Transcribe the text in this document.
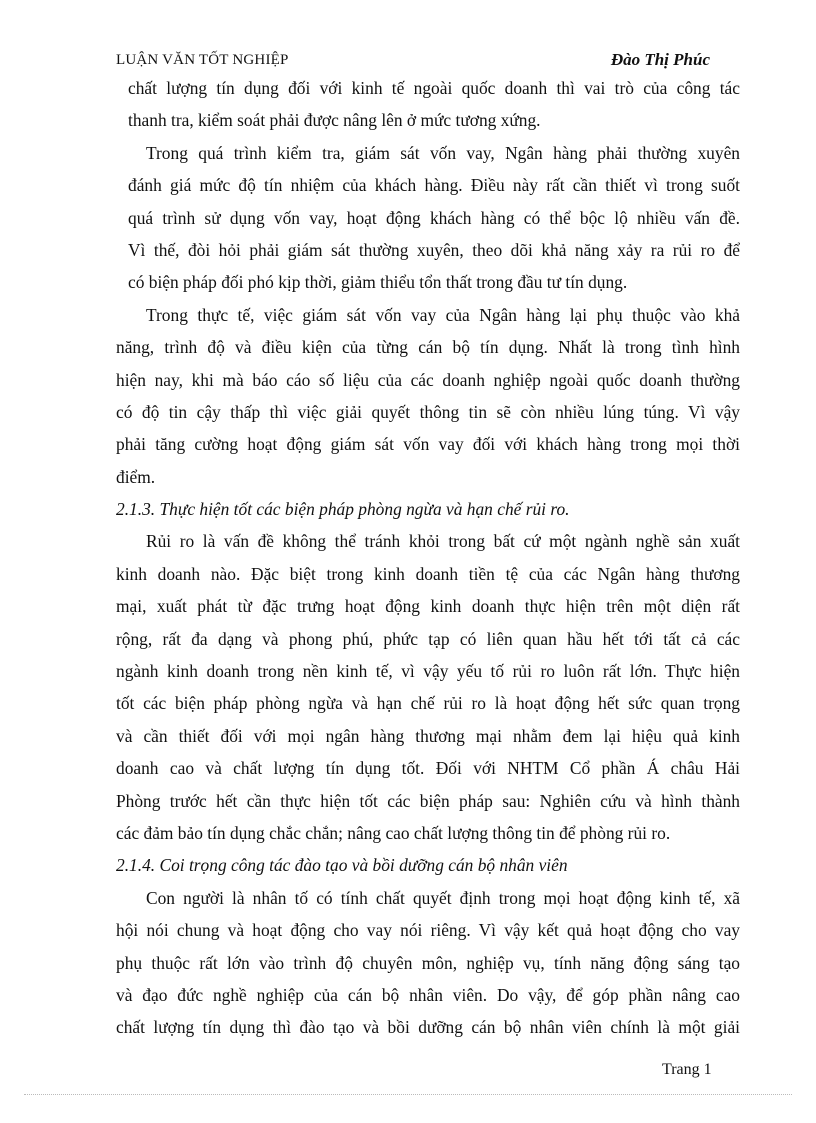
LUẬN VĂN TỐT NGHIỆP	Đào Thị Phúc
chất lượng tín dụng đối với kinh tế ngoài quốc doanh thì vai trò của công tác
thanh tra, kiểm soát phải được nâng lên ở mức tương xứng.
Trong quá trình kiểm tra, giám sát vốn vay, Ngân hàng phải thường xuyên
đánh giá mức độ tín nhiệm của khách hàng. Điều này rất cần thiết vì trong suốt
quá trình sử dụng vốn vay, hoạt động khách hàng có thể bộc lộ nhiều vấn đề.
Vì thế, đòi hỏi phải giám sát thường xuyên, theo dõi khả năng xảy ra rủi ro để
có biện pháp đối phó kịp thời, giảm thiểu tổn thất trong đầu tư tín dụng.
Trong thực tế, việc giám sát vốn vay của Ngân hàng lại phụ thuộc vào khả
năng, trình độ và điều kiện của từng cán bộ tín dụng. Nhất là trong tình hình
hiện nay, khi mà báo cáo số liệu của các doanh nghiệp ngoài quốc doanh thường
có độ tin cậy thấp thì việc giải quyết thông tin sẽ còn nhiều lúng túng. Vì vậy
phải tăng cường hoạt động giám sát vốn vay đối với khách hàng trong mọi thời
điểm.
2.1.3. Thực hiện tốt các biện pháp phòng ngừa và hạn chế rủi ro.
Rủi ro là vấn đề không thể tránh khỏi trong bất cứ một ngành nghề sản xuất
kinh doanh nào. Đặc biệt trong kinh doanh tiền tệ của các Ngân hàng thương
mại, xuất phát từ đặc trưng hoạt động kinh doanh thực hiện trên một diện rất
rộng, rất đa dạng và phong phú, phức tạp có liên quan hầu hết tới tất cả các
ngành kinh doanh trong nền kinh tế, vì vậy yếu tố rủi ro luôn rất lớn. Thực hiện
tốt các biện pháp phòng ngừa và hạn chế rủi ro là hoạt động hết sức quan trọng
và cần thiết đối với mọi ngân hàng thương mại nhằm đem lại hiệu quả kinh
doanh cao và chất lượng tín dụng tốt. Đối với NHTM Cổ phần Á châu Hải
Phòng trước hết cần thực hiện tốt các biện pháp sau: Nghiên cứu và hình thành
các đảm bảo tín dụng chắc chắn; nâng cao chất lượng thông tin để phòng rủi ro.
2.1.4. Coi trọng công tác đào tạo và bồi dưỡng cán bộ nhân viên
Con người là nhân tố có tính chất quyết định trong mọi hoạt động kinh tế, xã
hội nói chung và hoạt động cho vay nói riêng. Vì vậy kết quả hoạt động cho vay
phụ thuộc rất lớn vào trình độ chuyên môn, nghiệp vụ, tính năng động sáng tạo
và đạo đức nghề nghiệp của cán bộ nhân viên. Do vậy, để góp phần nâng cao
chất lượng tín dụng thì đào tạo và bồi dưỡng cán bộ nhân viên chính là một giải
Trang 1
